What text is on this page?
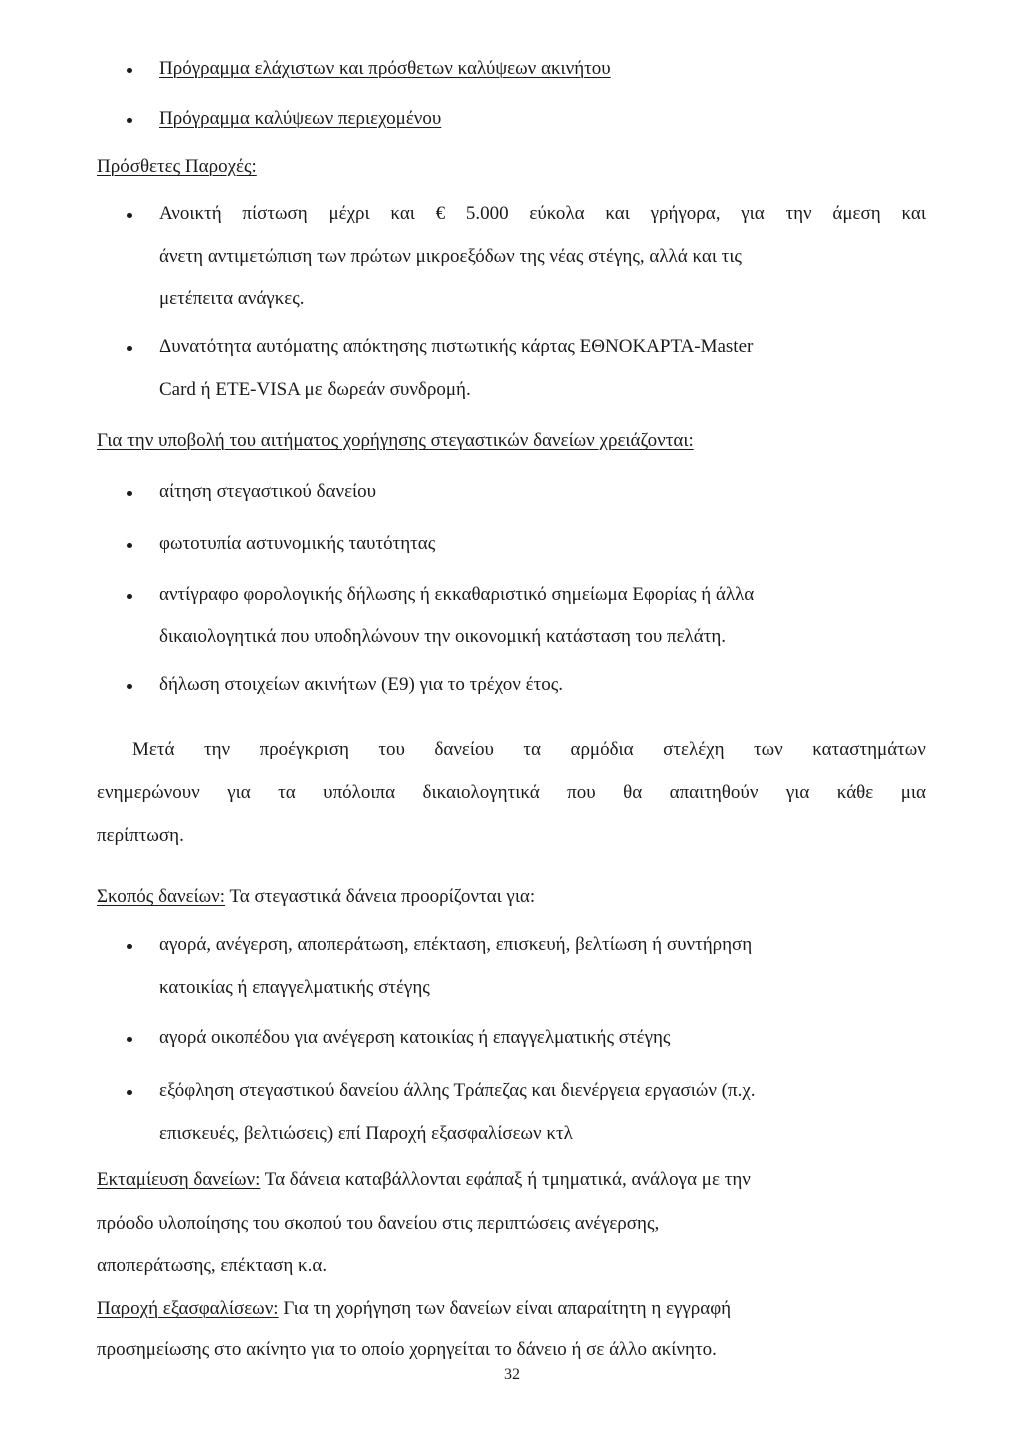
Πρόγραμμα ελάχιστων και πρόσθετων καλύψεων ακινήτου
Πρόγραμμα καλύψεων περιεχομένου
Πρόσθετες Παροχές:
Ανοικτή πίστωση μέχρι και € 5.000 εύκολα και γρήγορα, για την άμεση και
άνετη αντιμετώπιση των πρώτων μικροεξόδων της νέας στέγης, αλλά και τις
μετέπειτα ανάγκες.
Δυνατότητα αυτόματης απόκτησης πιστωτικής κάρτας ΕΘΝΟΚΑΡΤΑ-Master
Card ή ΕΤΕ-VISA με δωρεάν συνδρομή.
Για την υποβολή του αιτήματος χορήγησης στεγαστικών δανείων χρειάζονται:
αίτηση στεγαστικού δανείου
φωτοτυπία αστυνομικής ταυτότητας
αντίγραφο φορολογικής δήλωσης ή εκκαθαριστικό σημείωμα Εφορίας ή άλλα
δικαιολογητικά που υποδηλώνουν την οικονομική κατάσταση του πελάτη.
δήλωση στοιχείων ακινήτων (Ε9) για το τρέχον έτος.
Μετά την προέγκριση του δανείου τα αρμόδια στελέχη των καταστημάτων
ενημερώνουν για τα υπόλοιπα δικαιολογητικά που θα απαιτηθούν για κάθε μια
περίπτωση.
Σκοπός δανείων: Τα στεγαστικά δάνεια προορίζονται για:
αγορά, ανέγερση, αποπεράτωση, επέκταση, επισκευή, βελτίωση ή συντήρηση
κατοικίας ή επαγγελματικής στέγης
αγορά οικοπέδου για ανέγερση κατοικίας ή επαγγελματικής στέγης
εξόφληση στεγαστικού δανείου άλλης Τράπεζας και διενέργεια εργασιών (π.χ.
επισκευές, βελτιώσεις) επί Παροχή εξασφαλίσεων κτλ
Εκταμίευση δανείων: Τα δάνεια καταβάλλονται εφάπαξ ή τμηματικά, ανάλογα με την
πρόοδο υλοποίησης του σκοπού του δανείου στις περιπτώσεις ανέγερσης,
αποπεράτωσης, επέκταση κ.α.
Παροχή εξασφαλίσεων: Για τη χορήγηση των δανείων είναι απαραίτητη η εγγραφή
προσημείωσης στο ακίνητο για το οποίο χορηγείται το δάνειο ή σε άλλο ακίνητο.
32
